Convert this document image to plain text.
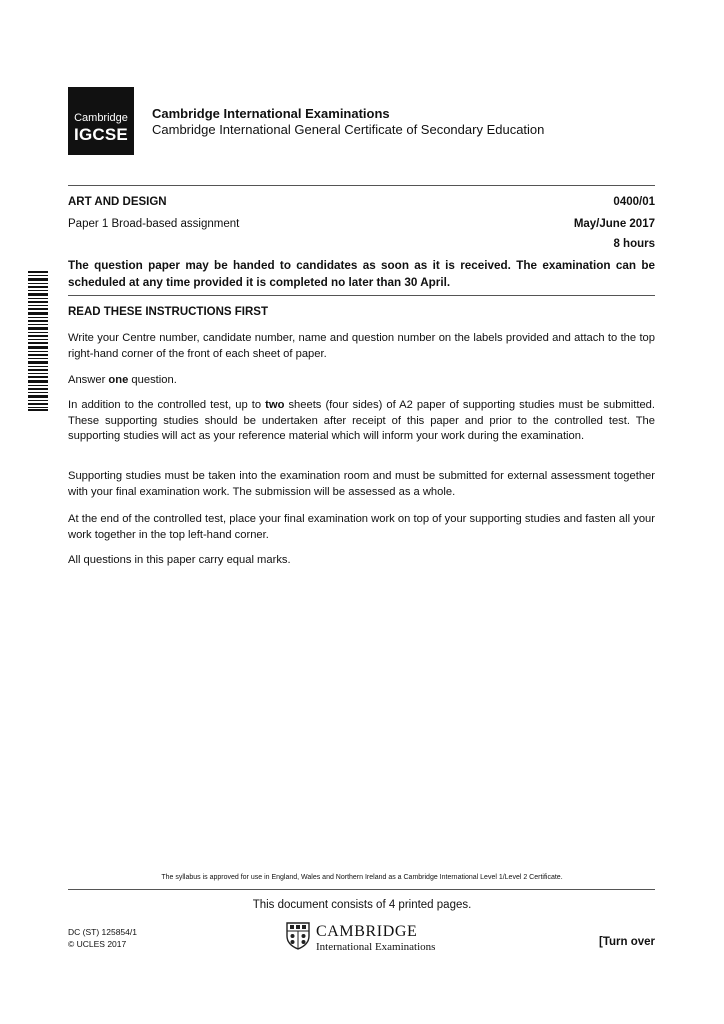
Cambridge
IGCSE
Cambridge International Examinations
Cambridge International General Certificate of Secondary Education
ART AND DESIGN	0400/01
Paper 1 Broad-based assignment	May/June 2017
8 hours
The question paper may be handed to candidates as soon as it is received. The examination can be scheduled at any time provided it is completed no later than 30 April.
READ THESE INSTRUCTIONS FIRST
Write your Centre number, candidate number, name and question number on the labels provided and attach to the top right-hand corner of the front of each sheet of paper.
Answer one question.
In addition to the controlled test, up to two sheets (four sides) of A2 paper of supporting studies must be submitted. These supporting studies should be undertaken after receipt of this paper and prior to the controlled test. The supporting studies will act as your reference material which will inform your work during the examination.
Supporting studies must be taken into the examination room and must be submitted for external assessment together with your final examination work. The submission will be assessed as a whole.
At the end of the controlled test, place your final examination work on top of your supporting studies and fasten all your work together in the top left-hand corner.
All questions in this paper carry equal marks.
The syllabus is approved for use in England, Wales and Northern Ireland as a Cambridge International Level 1/Level 2 Certificate.
This document consists of 4 printed pages.
DC (ST) 125854/1
© UCLES 2017
CAMBRIDGE
International Examinations	[Turn over
